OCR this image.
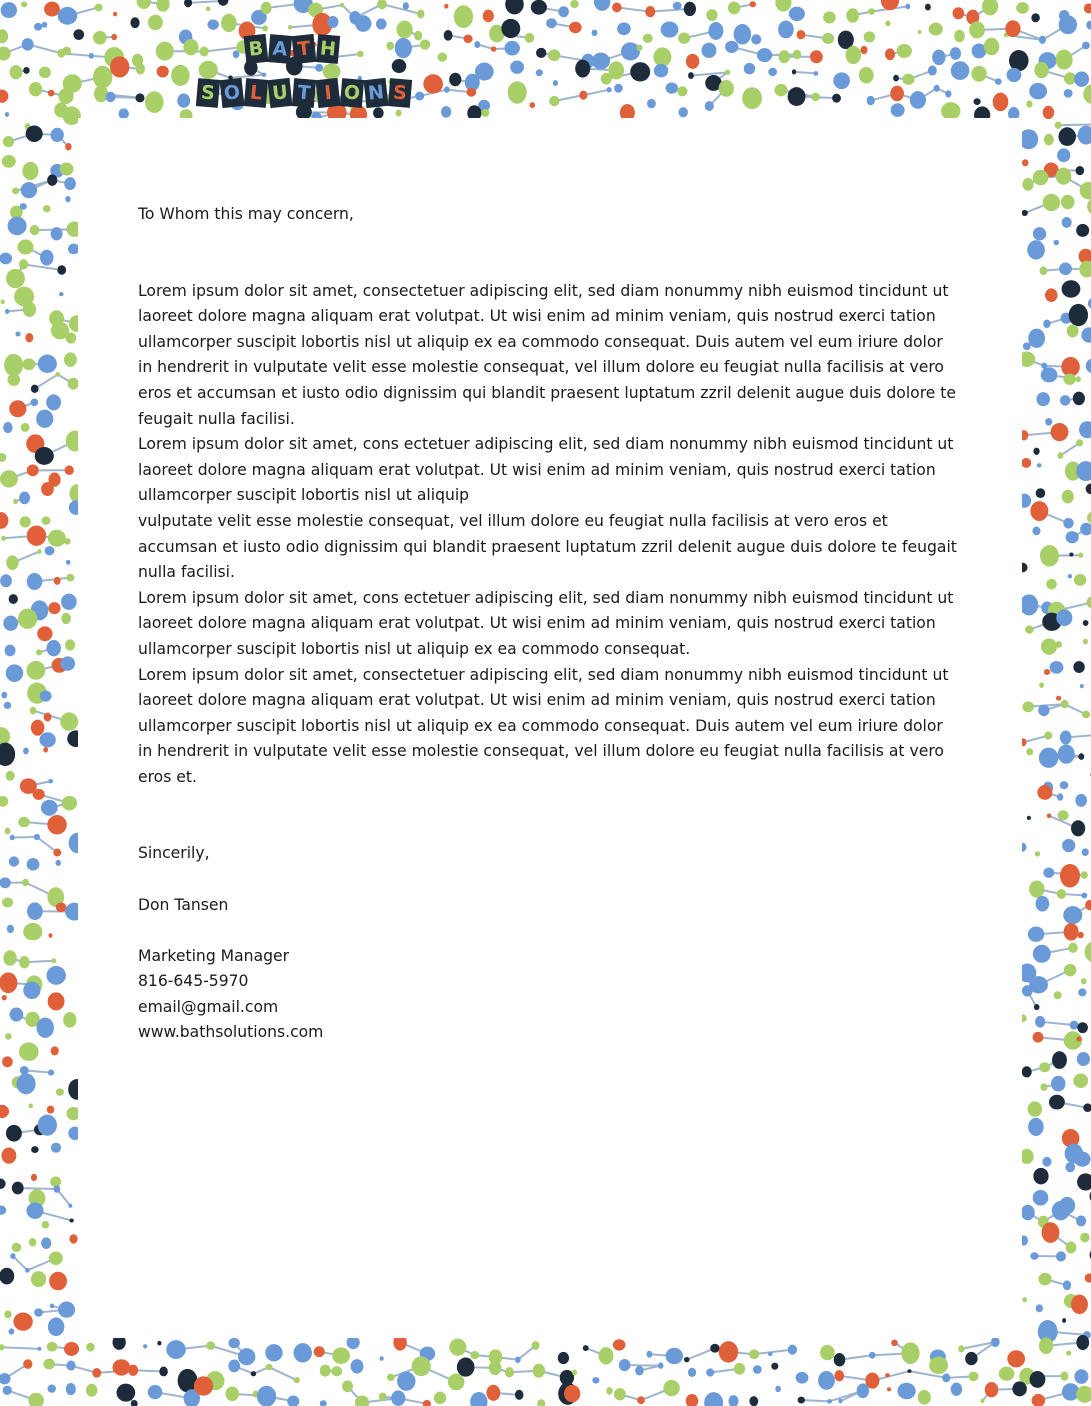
B A T H
S O L U T I O N S

To Whom this may concern,

Lorem ipsum dolor sit amet, consectetuer adipiscing elit, sed diam nonummy nibh euismod tincidunt ut laoreet dolore magna aliquam erat volutpat. Ut wisi enim ad minim veniam, quis nostrud exerci tation ullamcorper suscipit lobortis nisl ut aliquip ex ea commodo consequat. Duis autem vel eum iriure dolor in hendrerit in vulputate velit esse molestie consequat, vel illum dolore eu feugiat nulla facilisis at vero eros et accumsan et iusto odio dignissim qui blandit praesent luptatum zzril delenit augue duis dolore te feugait nulla facilisi.

Lorem ipsum dolor sit amet, cons ectetuer adipiscing elit, sed diam nonummy nibh euismod tincidunt ut laoreet dolore magna aliquam erat volutpat. Ut wisi enim ad minim veniam, quis nostrud exerci tation ullamcorper suscipit lobortis nisl ut aliquip

vulputate velit esse molestie consequat, vel illum dolore eu feugiat nulla facilisis at vero eros et accumsan et iusto odio dignissim qui blandit praesent luptatum zzril delenit augue duis dolore te feugait nulla facilisi.

Lorem ipsum dolor sit amet, cons ectetuer adipiscing elit, sed diam nonummy nibh euismod tincidunt ut laoreet dolore magna aliquam erat volutpat. Ut wisi enim ad minim veniam, quis nostrud exerci tation ullamcorper suscipit lobortis nisl ut aliquip ex ea commodo consequat.

Lorem ipsum dolor sit amet, consectetuer adipiscing elit, sed diam nonummy nibh euismod tincidunt ut laoreet dolore magna aliquam erat volutpat. Ut wisi enim ad minim veniam, quis nostrud exerci tation ullamcorper suscipit lobortis nisl ut aliquip ex ea commodo consequat. Duis autem vel eum iriure dolor in hendrerit in vulputate velit esse molestie consequat, vel illum dolore eu feugiat nulla facilisis at vero eros et.

Sincerily,

Don Tansen

Marketing Manager

816-645-5970

email@gmail.com

www.bathsolutions.com
